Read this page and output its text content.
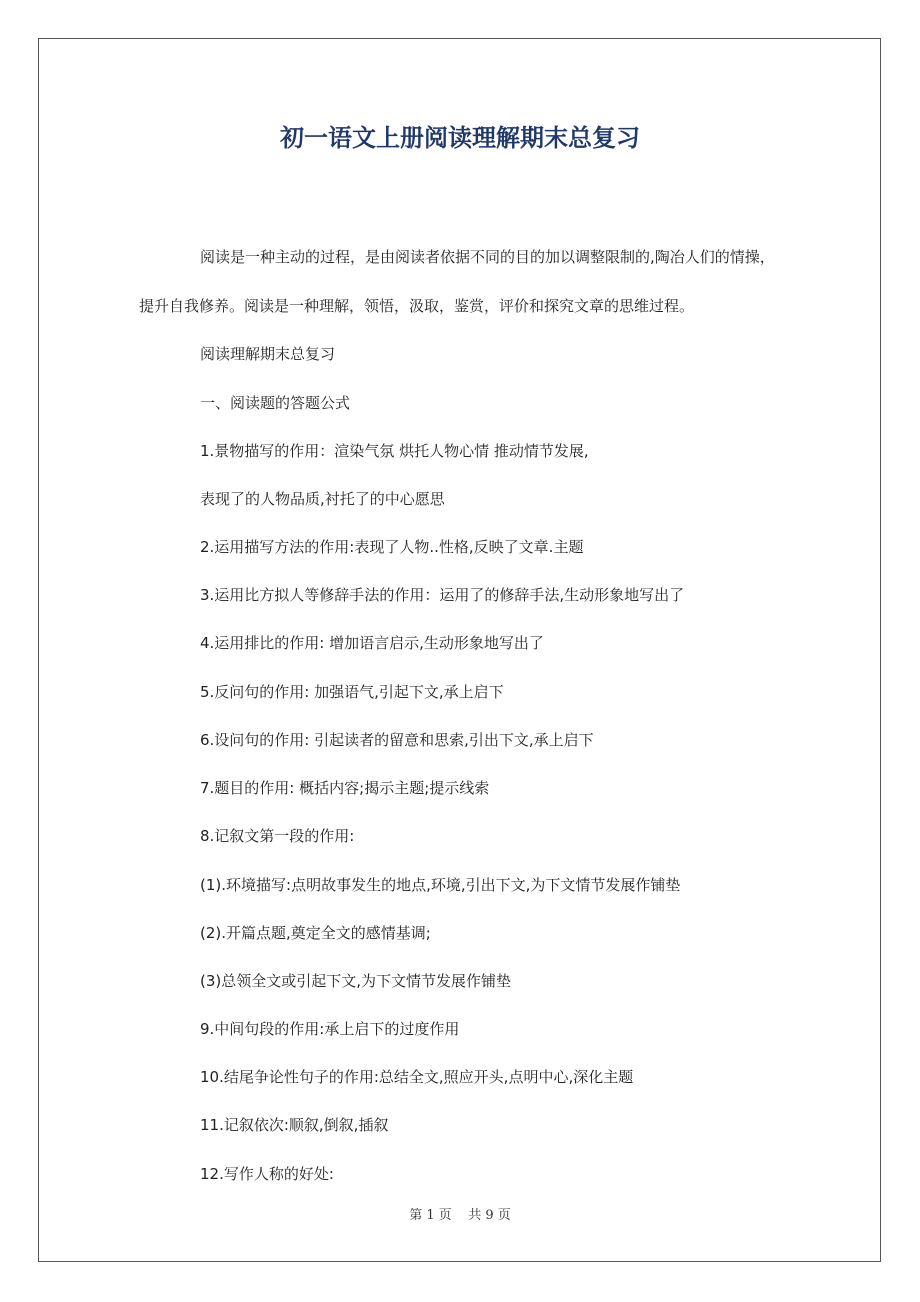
初一语文上册阅读理解期末总复习
阅读是一种主动的过程，是由阅读者依据不同的目的加以调整限制的,陶冶人们的情操，
提升自我修养。阅读是一种理解，领悟，汲取，鉴赏，评价和探究文章的思维过程。
阅读理解期末总复习
一、阅读题的答题公式
1.景物描写的作用：渲染气氛 烘托人物心情 推动情节发展,
表现了的人物品质,衬托了的中心愿思
2.运用描写方法的作用:表现了人物..性格,反映了文章.主题
3.运用比方拟人等修辞手法的作用：运用了的修辞手法,生动形象地写出了
4.运用排比的作用: 增加语言启示,生动形象地写出了
5.反问句的作用: 加强语气,引起下文,承上启下
6.设问句的作用: 引起读者的留意和思索,引出下文,承上启下
7.题目的作用: 概括内容;揭示主题;提示线索
8.记叙文第一段的作用:
(1).环境描写:点明故事发生的地点,环境,引出下文,为下文情节发展作铺垫
(2).开篇点题,奠定全文的感情基调;
(3)总领全文或引起下文,为下文情节发展作铺垫
9.中间句段的作用:承上启下的过度作用
10.结尾争论性句子的作用:总结全文,照应开头,点明中心,深化主题
11.记叙依次:顺叙,倒叙,插叙
12.写作人称的好处:
第 1 页    共 9 页
